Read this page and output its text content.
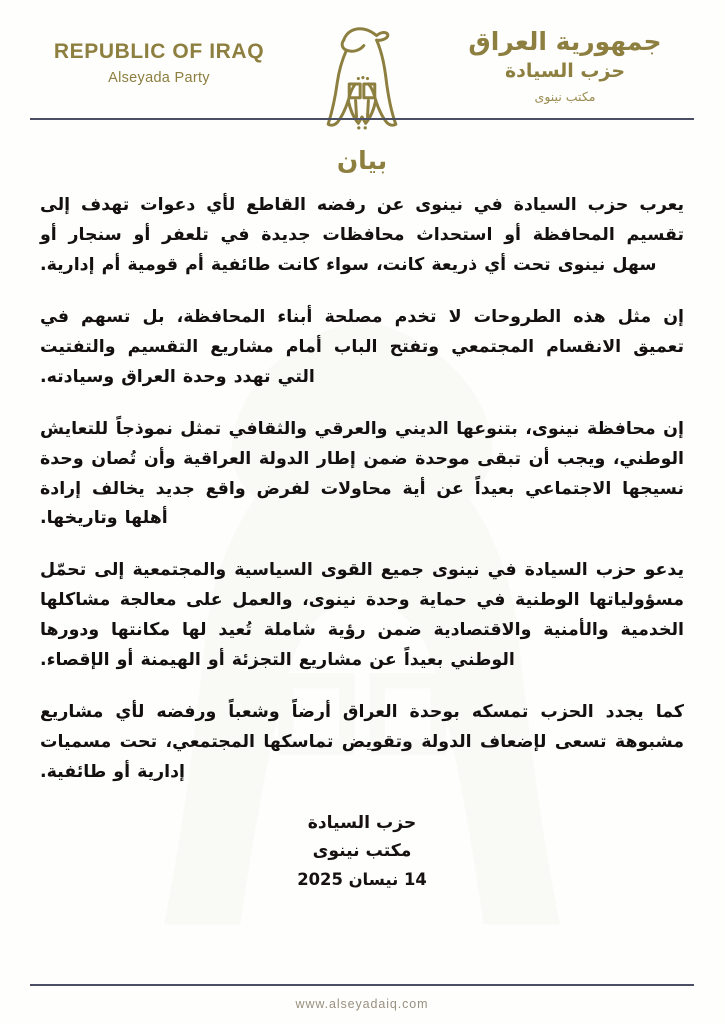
REPUBLIC OF IRAQ
Alseyada Party
جمهورية العراق
حزب السيادة
مكتب نينوى
بيان

يعرب حزب السيادة في نينوى عن رفضه القاطع لأي دعوات تهدف إلى تقسيم المحافظة أو استحداث محافظات جديدة في تلعفر أو سنجار أو سهل نينوى تحت أي ذريعة كانت، سواء كانت طائفية أم قومية أم إدارية.

إن مثل هذه الطروحات لا تخدم مصلحة أبناء المحافظة، بل تسهم في تعميق الانقسام المجتمعي وتفتح الباب أمام مشاريع التقسيم والتفتيت التي تهدد وحدة العراق وسيادته.

إن محافظة نينوى، بتنوعها الديني والعرقي والثقافي تمثل نموذجاً للتعايش الوطني، ويجب أن تبقى موحدة ضمن إطار الدولة العراقية وأن تُصان وحدة نسيجها الاجتماعي بعيداً عن أية محاولات لفرض واقع جديد يخالف إرادة أهلها وتاريخها.

يدعو حزب السيادة في نينوى جميع القوى السياسية والمجتمعية إلى تحمّل مسؤولياتها الوطنية في حماية وحدة نينوى، والعمل على معالجة مشاكلها الخدمية والأمنية والاقتصادية ضمن رؤية شاملة تُعيد لها مكانتها ودورها الوطني بعيداً عن مشاريع التجزئة أو الهيمنة أو الإقصاء.

كما يجدد الحزب تمسكه بوحدة العراق أرضاً وشعباً ورفضه لأي مشاريع مشبوهة تسعى لإضعاف الدولة وتقويض تماسكها المجتمعي، تحت مسميات إدارية أو طائفية.

حزب السيادة
مكتب نينوى
14 نيسان 2025
www.alseyadaiq.com
